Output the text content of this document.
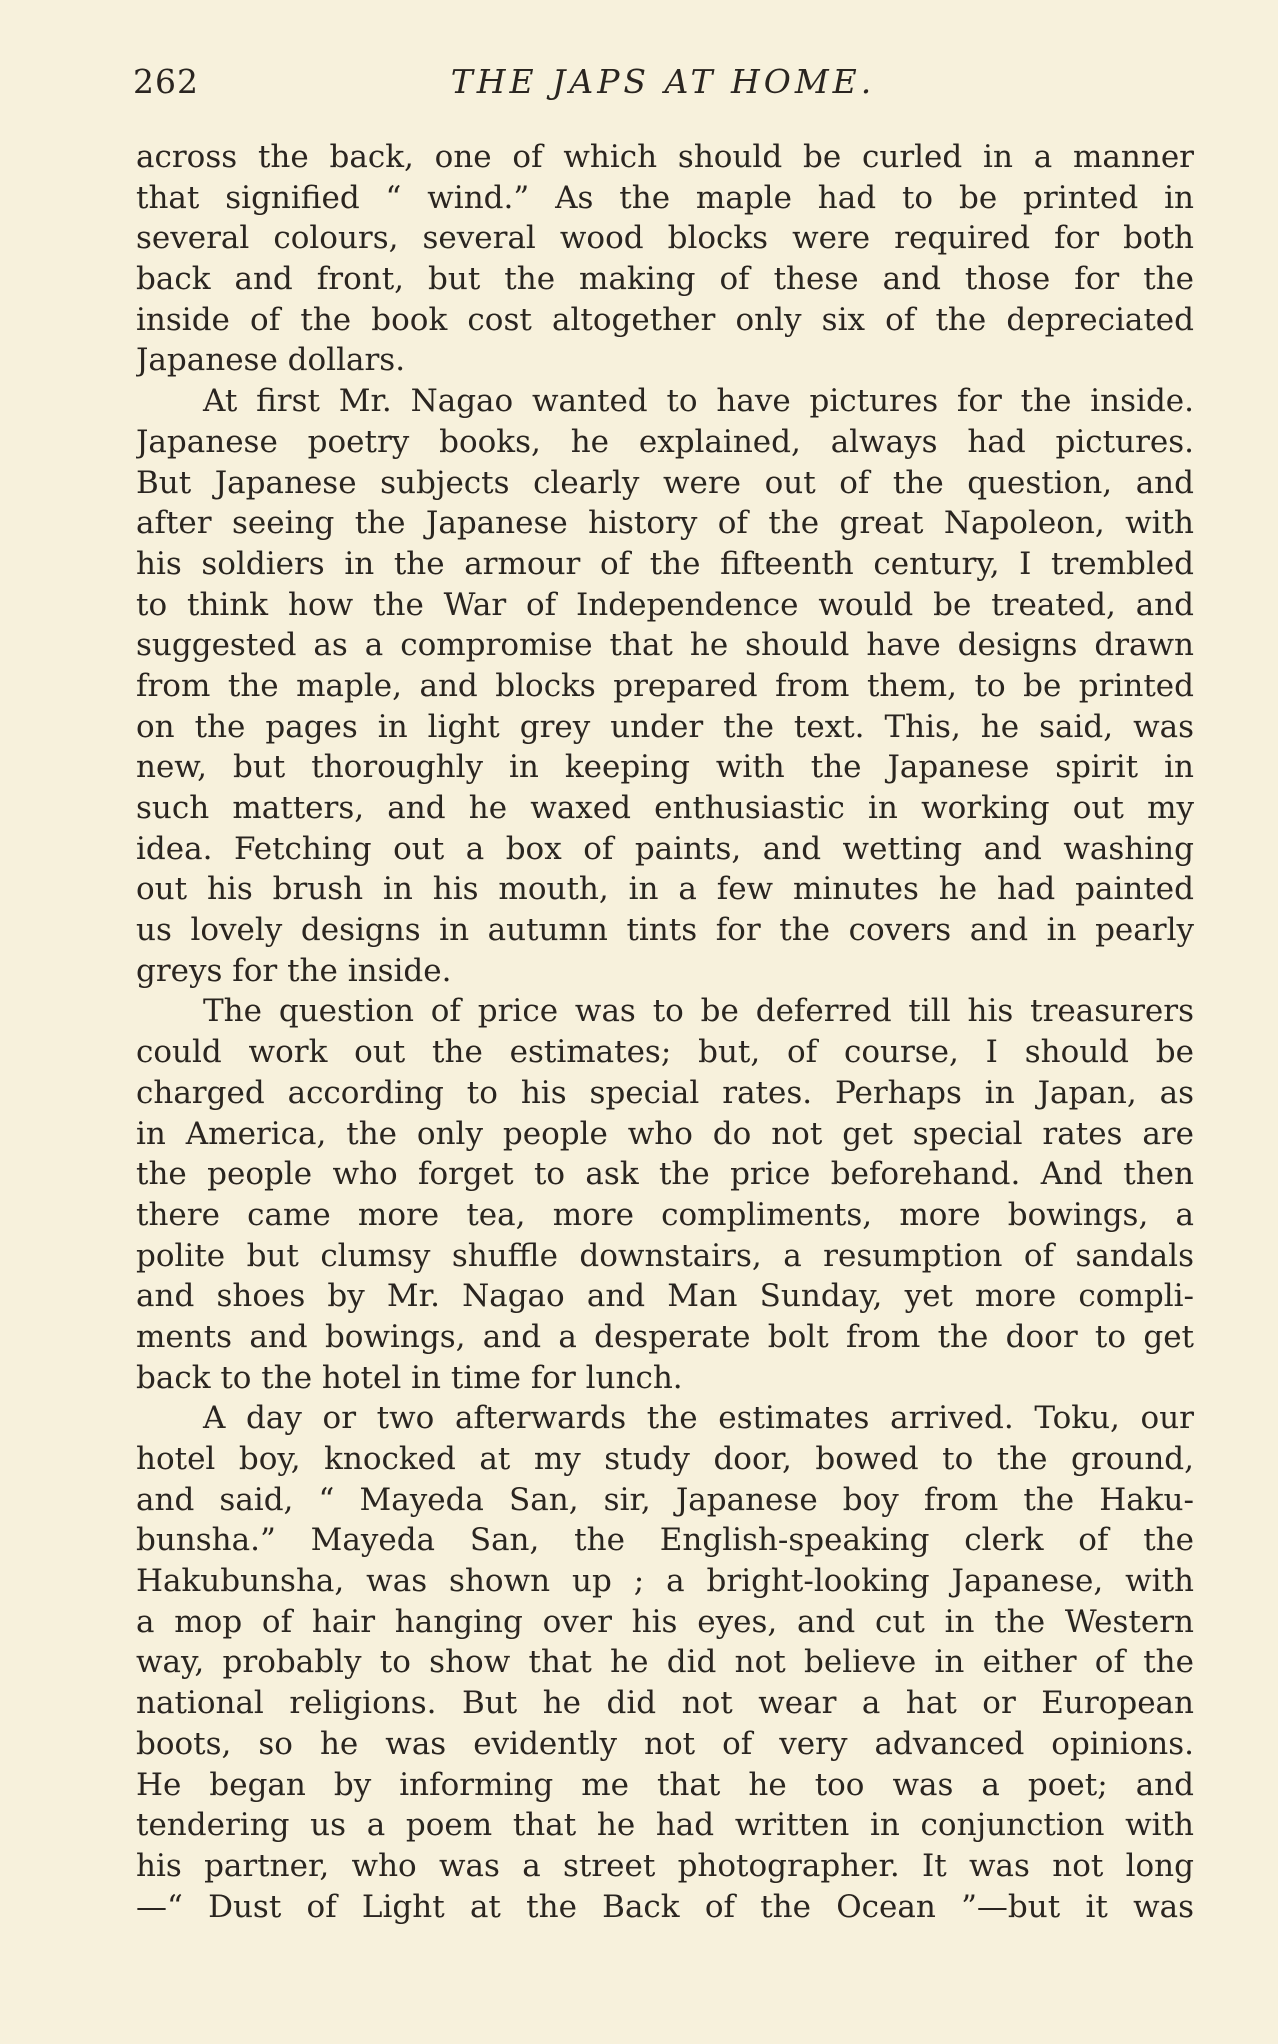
262	THE JAPS AT HOME.
across the back, one of which should be curled in a manner
that signified “ wind.” As the maple had to be printed in
several colours, several wood blocks were required for both
back and front, but the making of these and those for the
inside of the book cost altogether only six of the depreciated
Japanese dollars.
At first Mr. Nagao wanted to have pictures for the inside.
Japanese poetry books, he explained, always had pictures.
But Japanese subjects clearly were out of the question, and
after seeing the Japanese history of the great Napoleon, with
his soldiers in the armour of the fifteenth century, I trembled
to think how the War of Independence would be treated, and
suggested as a compromise that he should have designs drawn
from the maple, and blocks prepared from them, to be printed
on the pages in light grey under the text. This, he said, was
new, but thoroughly in keeping with the Japanese spirit in
such matters, and he waxed enthusiastic in working out my
idea. Fetching out a box of paints, and wetting and washing
out his brush in his mouth, in a few minutes he had painted
us lovely designs in autumn tints for the covers and in pearly
greys for the inside.
The question of price was to be deferred till his treasurers
could work out the estimates; but, of course, I should be
charged according to his special rates. Perhaps in Japan, as
in America, the only people who do not get special rates are
the people who forget to ask the price beforehand. And then
there came more tea, more compliments, more bowings, a
polite but clumsy shuffle downstairs, a resumption of sandals
and shoes by Mr. Nagao and Man Sunday, yet more compli-
ments and bowings, and a desperate bolt from the door to get
back to the hotel in time for lunch.
A day or two afterwards the estimates arrived. Toku, our
hotel boy, knocked at my study door, bowed to the ground,
and said, “ Mayeda San, sir, Japanese boy from the Haku-
bunsha.” Mayeda San, the English-speaking clerk of the
Hakubunsha, was shown up ; a bright-looking Japanese, with
a mop of hair hanging over his eyes, and cut in the Western
way, probably to show that he did not believe in either of the
national religions. But he did not wear a hat or European
boots, so he was evidently not of very advanced opinions.
He began by informing me that he too was a poet; and
tendering us a poem that he had written in conjunction with
his partner, who was a street photographer. It was not long
—“ Dust of Light at the Back of the Ocean ”—but it was
